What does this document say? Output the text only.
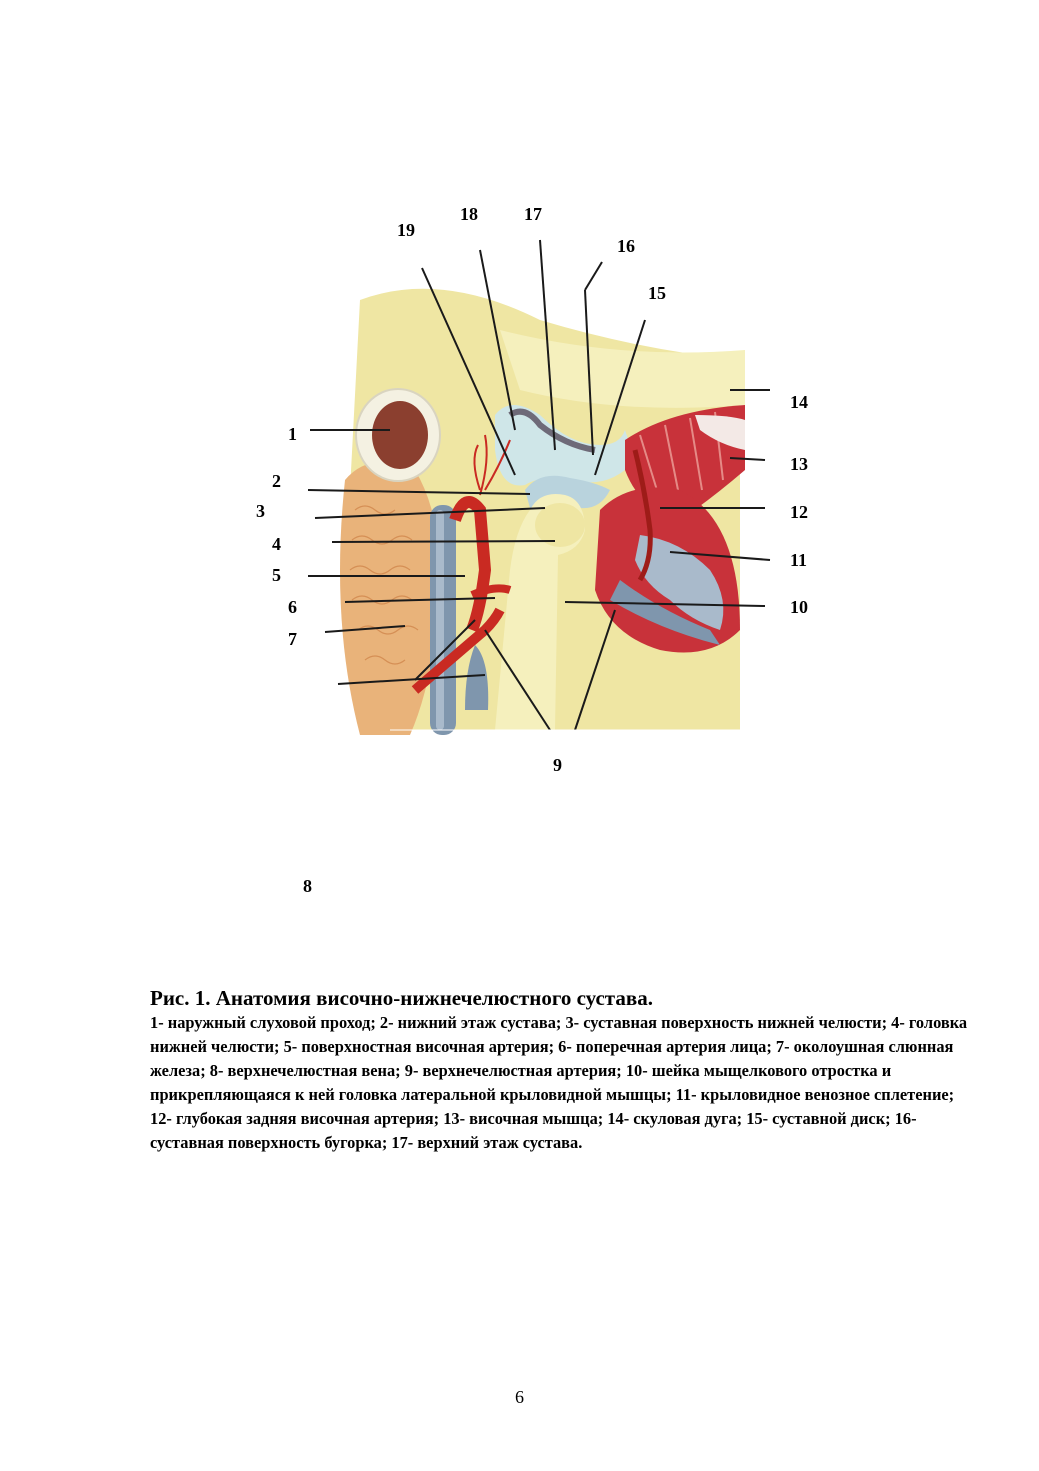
1
2
3
4
5
6
7
8
9
10
11
12
13
14
15
16
17
18
19

Рис. 1. Анатомия височно-нижнечелюстного сустава.

1- наружный слуховой проход; 2- нижний этаж сустава; 3- суставная поверхность нижней челюсти; 4- головка нижней челюсти; 5- поверхностная височная артерия; 6- поперечная артерия лица; 7- околоушная слюнная железа; 8- верхнечелюстная вена; 9- верхнечелюстная артерия; 10- шейка мыщелкового отростка и прикрепляющаяся к ней головка латеральной крыловидной мышцы; 11- крыловидное венозное сплетение; 12- глубокая задняя височная артерия; 13- височная мышца; 14- скуловая дуга; 15- суставной диск; 16- суставная поверхность бугорка; 17- верхний этаж сустава.

6
